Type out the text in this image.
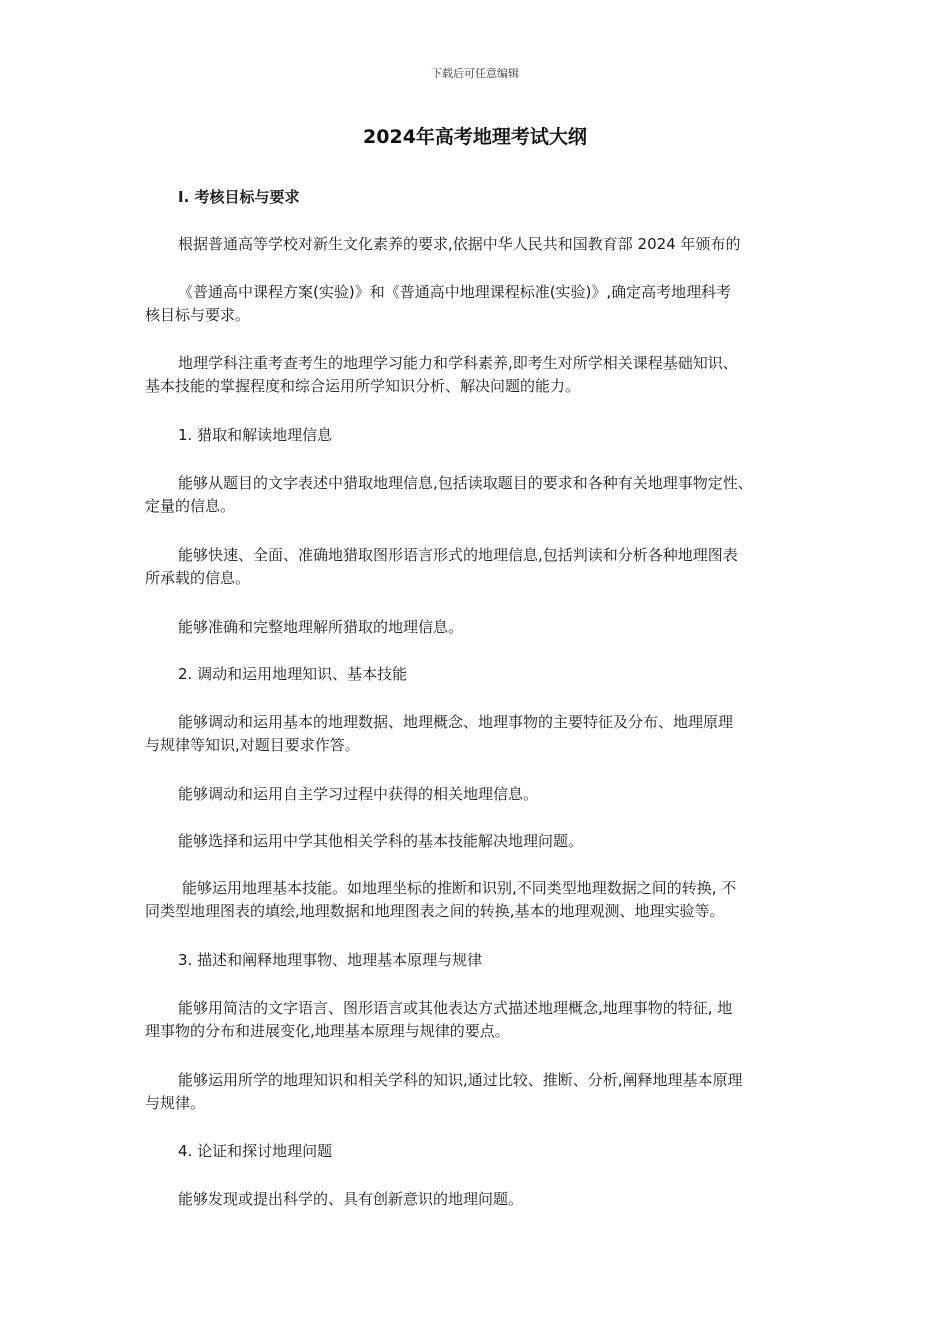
下载后可任意编辑
2024年高考地理考试大纲
Ⅰ. 考核目标与要求
根据普通高等学校对新生文化素养的要求,依据中华人民共和国教育部 2024 年颁布的
《普通高中课程方案(实验)》和《普通高中地理课程标准(实验)》,确定高考地理科考
核目标与要求。
地理学科注重考查考生的地理学习能力和学科素养,即考生对所学相关课程基础知识、
基本技能的掌握程度和综合运用所学知识分析、解决问题的能力。
1. 猎取和解读地理信息
能够从题目的文字表述中猎取地理信息,包括读取题目的要求和各种有关地理事物定性、
定量的信息。
能够快速、全面、准确地猎取图形语言形式的地理信息,包括判读和分析各种地理图表
所承载的信息。
能够准确和完整地理解所猎取的地理信息。
2. 调动和运用地理知识、基本技能
能够调动和运用基本的地理数据、地理概念、地理事物的主要特征及分布、地理原理
与规律等知识,对题目要求作答。
能够调动和运用自主学习过程中获得的相关地理信息。
能够选择和运用中学其他相关学科的基本技能解决地理问题。
能够运用地理基本技能。如地理坐标的推断和识别,不同类型地理数据之间的转换, 不
同类型地理图表的填绘,地理数据和地理图表之间的转换,基本的地理观测、地理实验等。
3. 描述和阐释地理事物、地理基本原理与规律
能够用简洁的文字语言、图形语言或其他表达方式描述地理概念,地理事物的特征, 地
理事物的分布和进展变化,地理基本原理与规律的要点。
能够运用所学的地理知识和相关学科的知识,通过比较、推断、分析,阐释地理基本原理
与规律。
4. 论证和探讨地理问题
能够发现或提出科学的、具有创新意识的地理问题。
